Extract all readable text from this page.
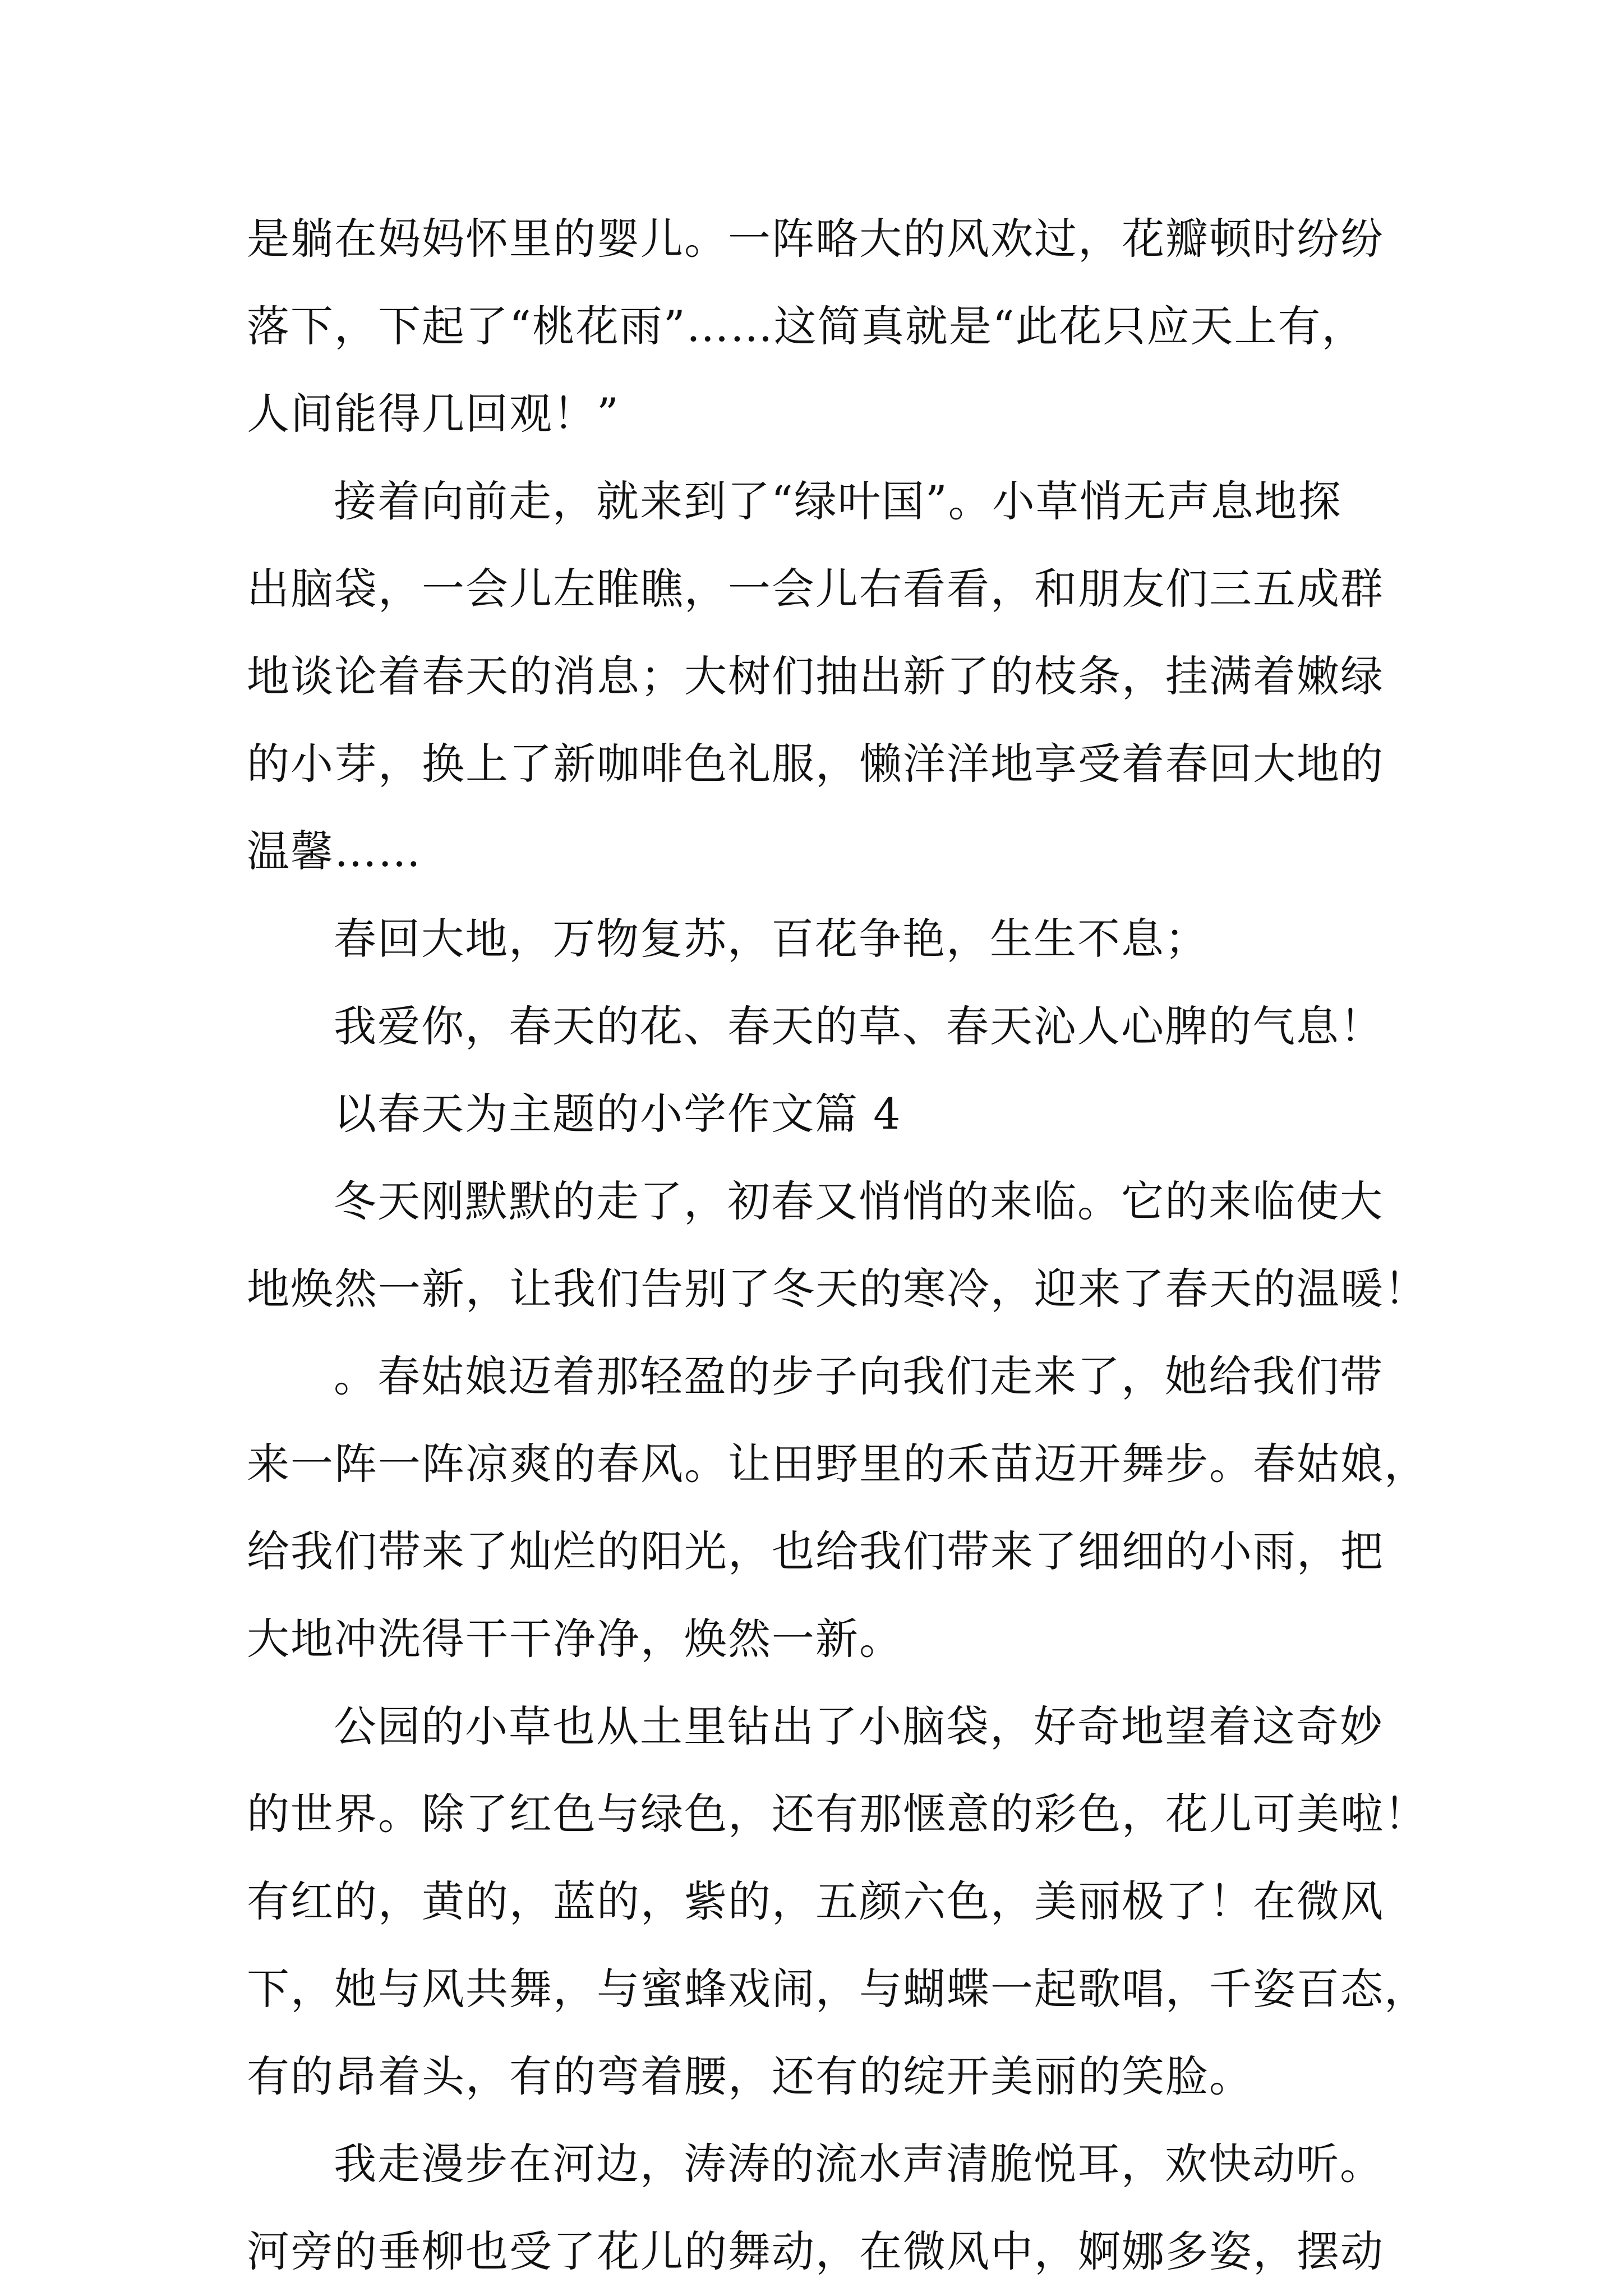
是躺在妈妈怀里的婴儿。一阵略大的风欢过，花瓣顿时纷纷
落下，下起了“桃花雨”……这简真就是“此花只应天上有，
人间能得几回观！”
接着向前走，就来到了“绿叶国”。小草悄无声息地探
出脑袋，一会儿左睢瞧，一会儿右看看，和朋友们三五成群
地谈论着春天的消息；大树们抽出新了的枝条，挂满着嫩绿
的小芽，换上了新咖啡色礼服，懒洋洋地享受着春回大地的
温馨……
春回大地，万物复苏，百花争艳，生生不息；
我爱你，春天的花、春天的草、春天沁人心脾的气息！
以春天为主题的小学作文篇 4
冬天刚默默的走了，初春又悄悄的来临。它的来临使大
地焕然一新，让我们告别了冬天的寒冷，迎来了春天的温暖！
。春姑娘迈着那轻盈的步子向我们走来了，她给我们带
来一阵一阵凉爽的春风。让田野里的禾苗迈开舞步。春姑娘，
给我们带来了灿烂的阳光，也给我们带来了细细的小雨，把
大地冲洗得干干净净，焕然一新。
公园的小草也从土里钻出了小脑袋，好奇地望着这奇妙
的世界。除了红色与绿色，还有那惬意的彩色，花儿可美啦！
有红的，黄的，蓝的，紫的，五颜六色，美丽极了！在微风
下，她与风共舞，与蜜蜂戏闹，与蝴蝶一起歌唱，千姿百态，
有的昂着头，有的弯着腰，还有的绽开美丽的笑脸。
我走漫步在河边，涛涛的流水声清脆悦耳，欢快动听。
河旁的垂柳也受了花儿的舞动，在微风中，婀娜多姿，摆动
